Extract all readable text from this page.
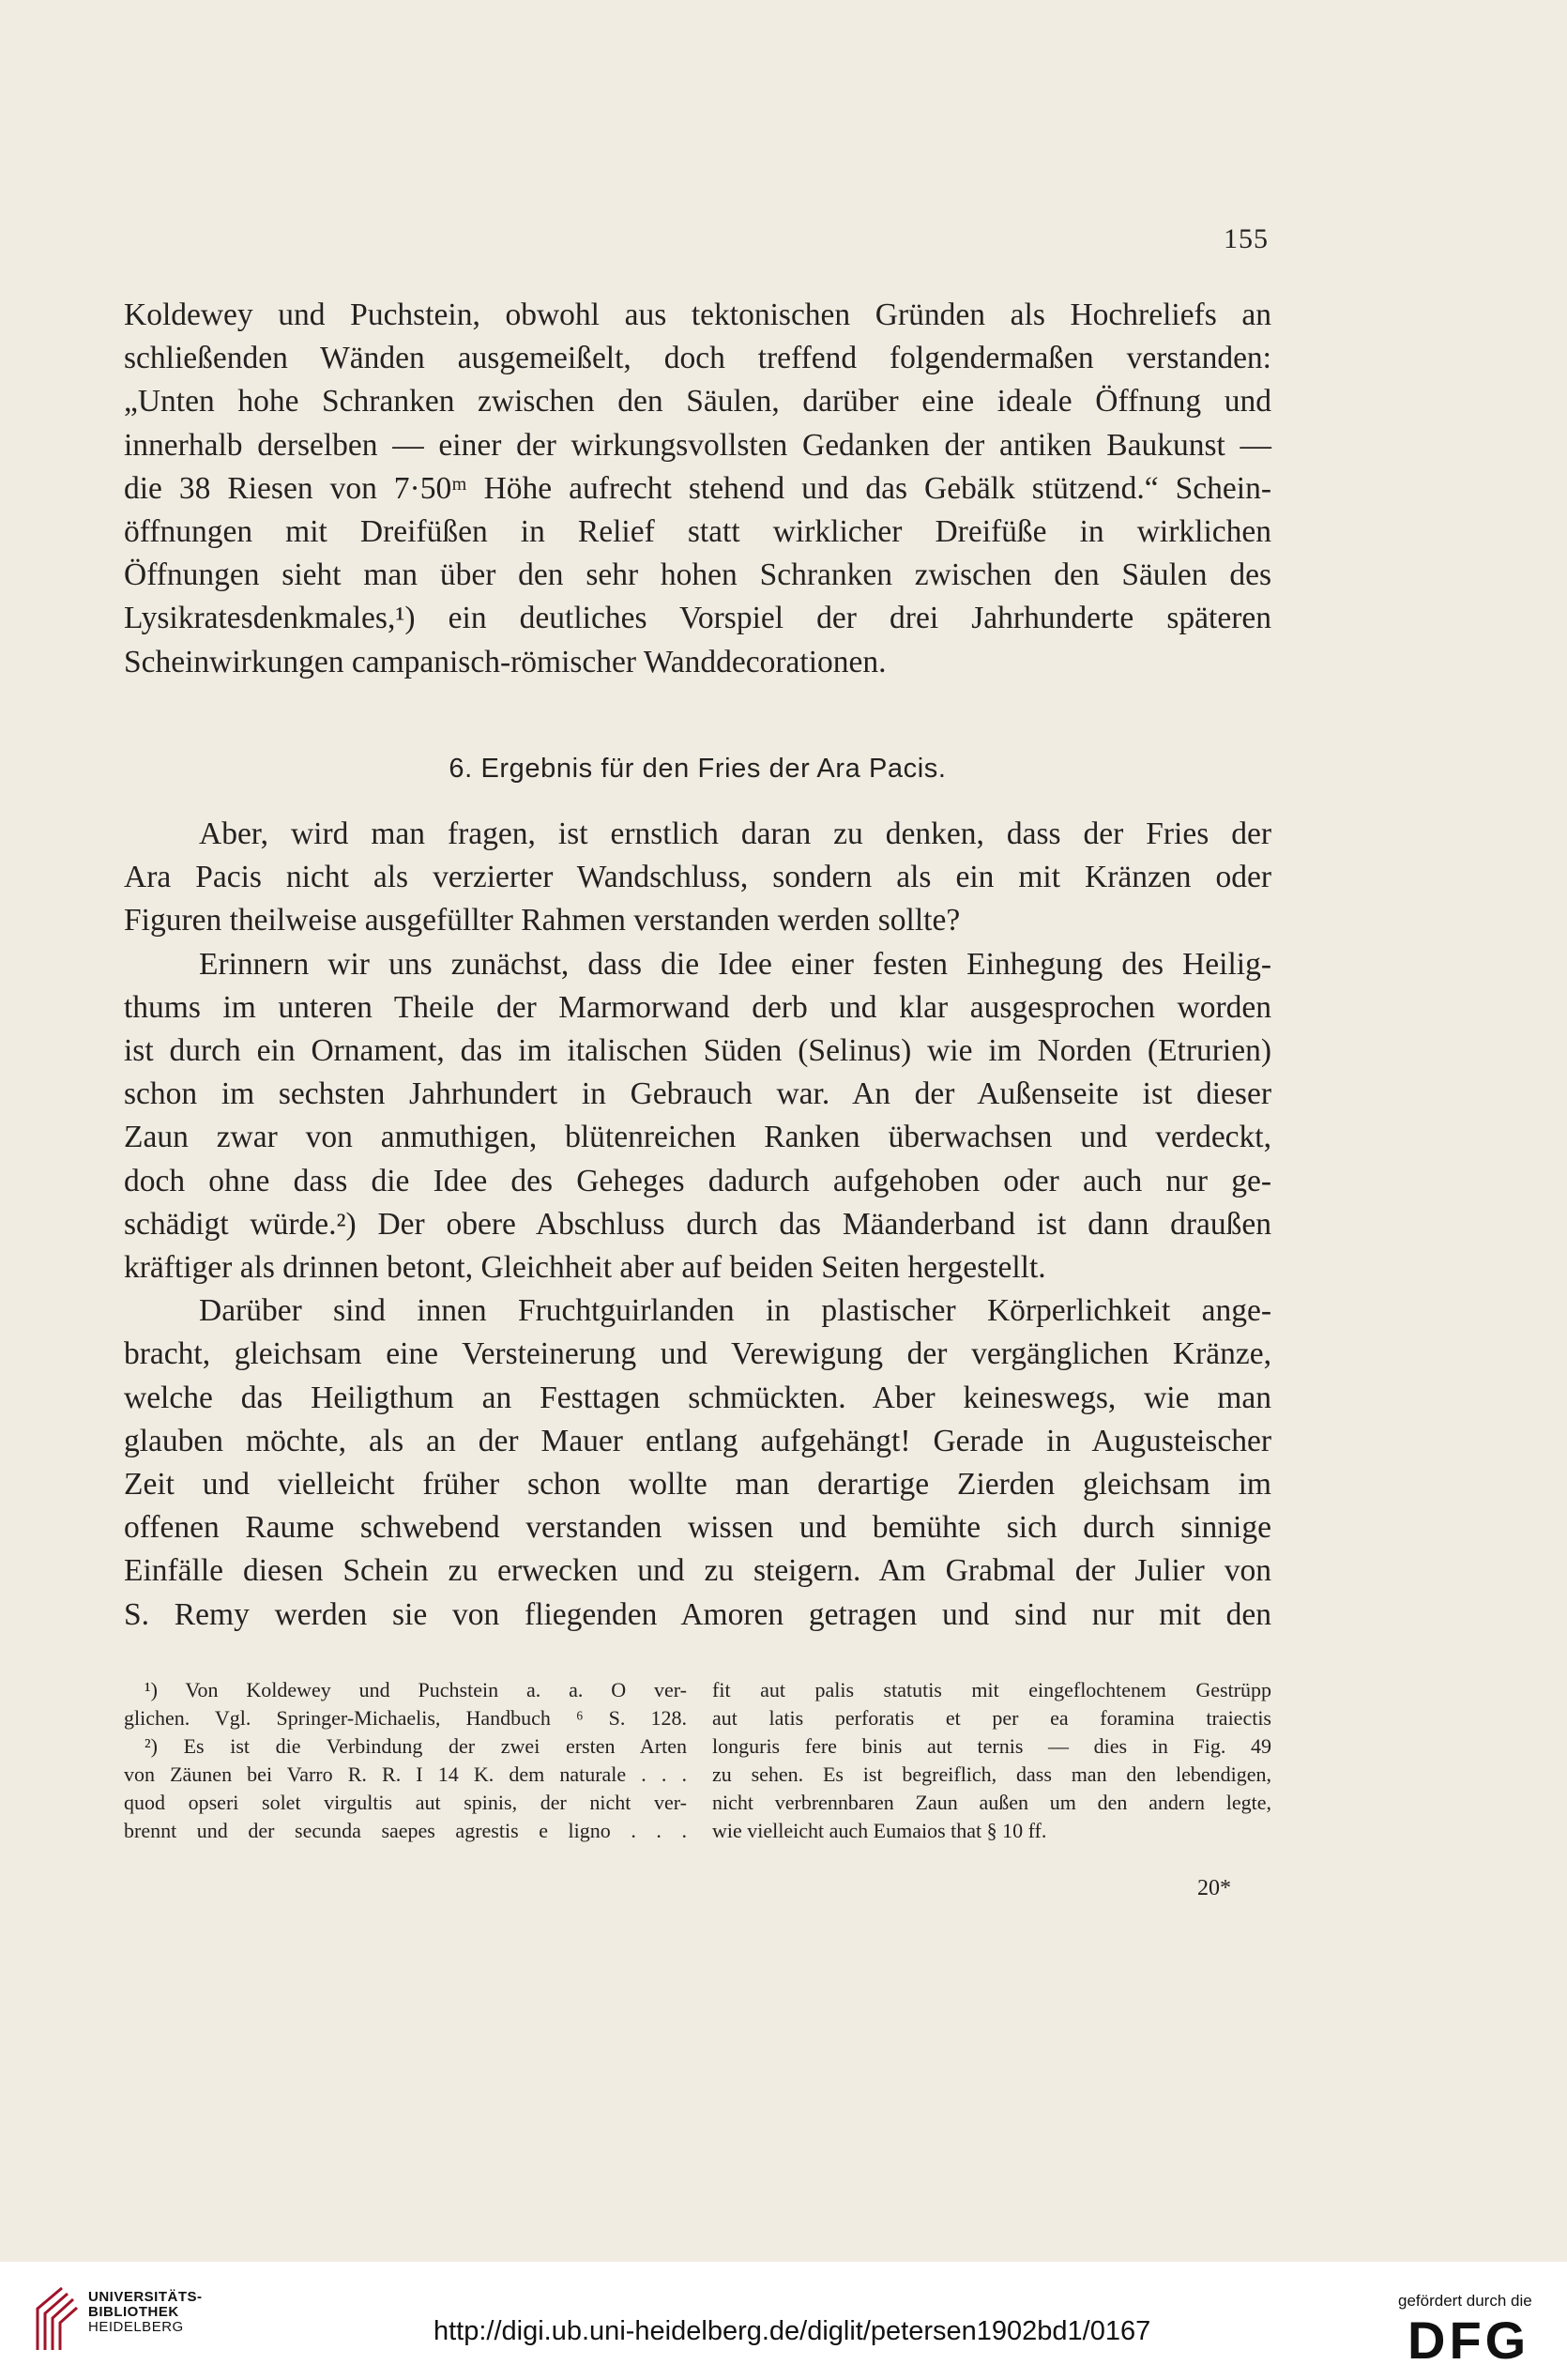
155
Koldewey und Puchstein, obwohl aus tektonischen Gründen als Hochreliefs an
schließenden Wänden ausgemeißelt, doch treffend folgendermaßen verstanden:
„Unten hohe Schranken zwischen den Säulen, darüber eine ideale Öffnung und
innerhalb derselben — einer der wirkungsvollsten Gedanken der antiken Baukunst —
die 38 Riesen von 7·50ᵐ Höhe aufrecht stehend und das Gebälk stützend.“ Schein-
öffnungen mit Dreifüßen in Relief statt wirklicher Dreifüße in wirklichen
Öffnungen sieht man über den sehr hohen Schranken zwischen den Säulen des
Lysikratesdenkmales,¹) ein deutliches Vorspiel der drei Jahrhunderte späteren
Scheinwirkungen campanisch-römischer Wanddecorationen.
6. Ergebnis für den Fries der Ara Pacis.
Aber, wird man fragen, ist ernstlich daran zu denken, dass der Fries der
Ara Pacis nicht als verzierter Wandschluss, sondern als ein mit Kränzen oder
Figuren theilweise ausgefüllter Rahmen verstanden werden sollte?
Erinnern wir uns zunächst, dass die Idee einer festen Einhegung des Heilig-
thums im unteren Theile der Marmorwand derb und klar ausgesprochen worden
ist durch ein Ornament, das im italischen Süden (Selinus) wie im Norden (Etrurien)
schon im sechsten Jahrhundert in Gebrauch war. An der Außenseite ist dieser
Zaun zwar von anmuthigen, blütenreichen Ranken überwachsen und verdeckt,
doch ohne dass die Idee des Geheges dadurch aufgehoben oder auch nur ge-
schädigt würde.²) Der obere Abschluss durch das Mäanderband ist dann draußen
kräftiger als drinnen betont, Gleichheit aber auf beiden Seiten hergestellt.
Darüber sind innen Fruchtguirlanden in plastischer Körperlichkeit ange-
bracht, gleichsam eine Versteinerung und Verewigung der vergänglichen Kränze,
welche das Heiligthum an Festtagen schmückten. Aber keineswegs, wie man
glauben möchte, als an der Mauer entlang aufgehängt! Gerade in Augusteischer
Zeit und vielleicht früher schon wollte man derartige Zierden gleichsam im
offenen Raume schwebend verstanden wissen und bemühte sich durch sinnige
Einfälle diesen Schein zu erwecken und zu steigern. Am Grabmal der Julier von
S. Remy werden sie von fliegenden Amoren getragen und sind nur mit den
¹) Von Koldewey und Puchstein a. a. O ver-
glichen. Vgl. Springer-Michaelis, Handbuch ⁶ S. 128.
²) Es ist die Verbindung der zwei ersten Arten
von Zäunen bei Varro R. R. I 14 K. dem naturale . . .
quod opseri solet virgultis aut spinis, der nicht ver-
brennt und der secunda saepes agrestis e ligno . . .
fit aut palis statutis mit eingeflochtenem Gestrüpp
aut latis perforatis et per ea foramina traiectis
longuris fere binis aut ternis — dies in Fig. 49
zu sehen. Es ist begreiflich, dass man den lebendigen,
nicht verbrennbaren Zaun außen um den andern legte,
wie vielleicht auch Eumaios that § 10 ff.
20*
UNIVERSITÄTS-
BIBLIOTHEK
HEIDELBERG	http://digi.ub.uni-heidelberg.de/diglit/petersen1902bd1/0167
gefördert durch die
DFG
